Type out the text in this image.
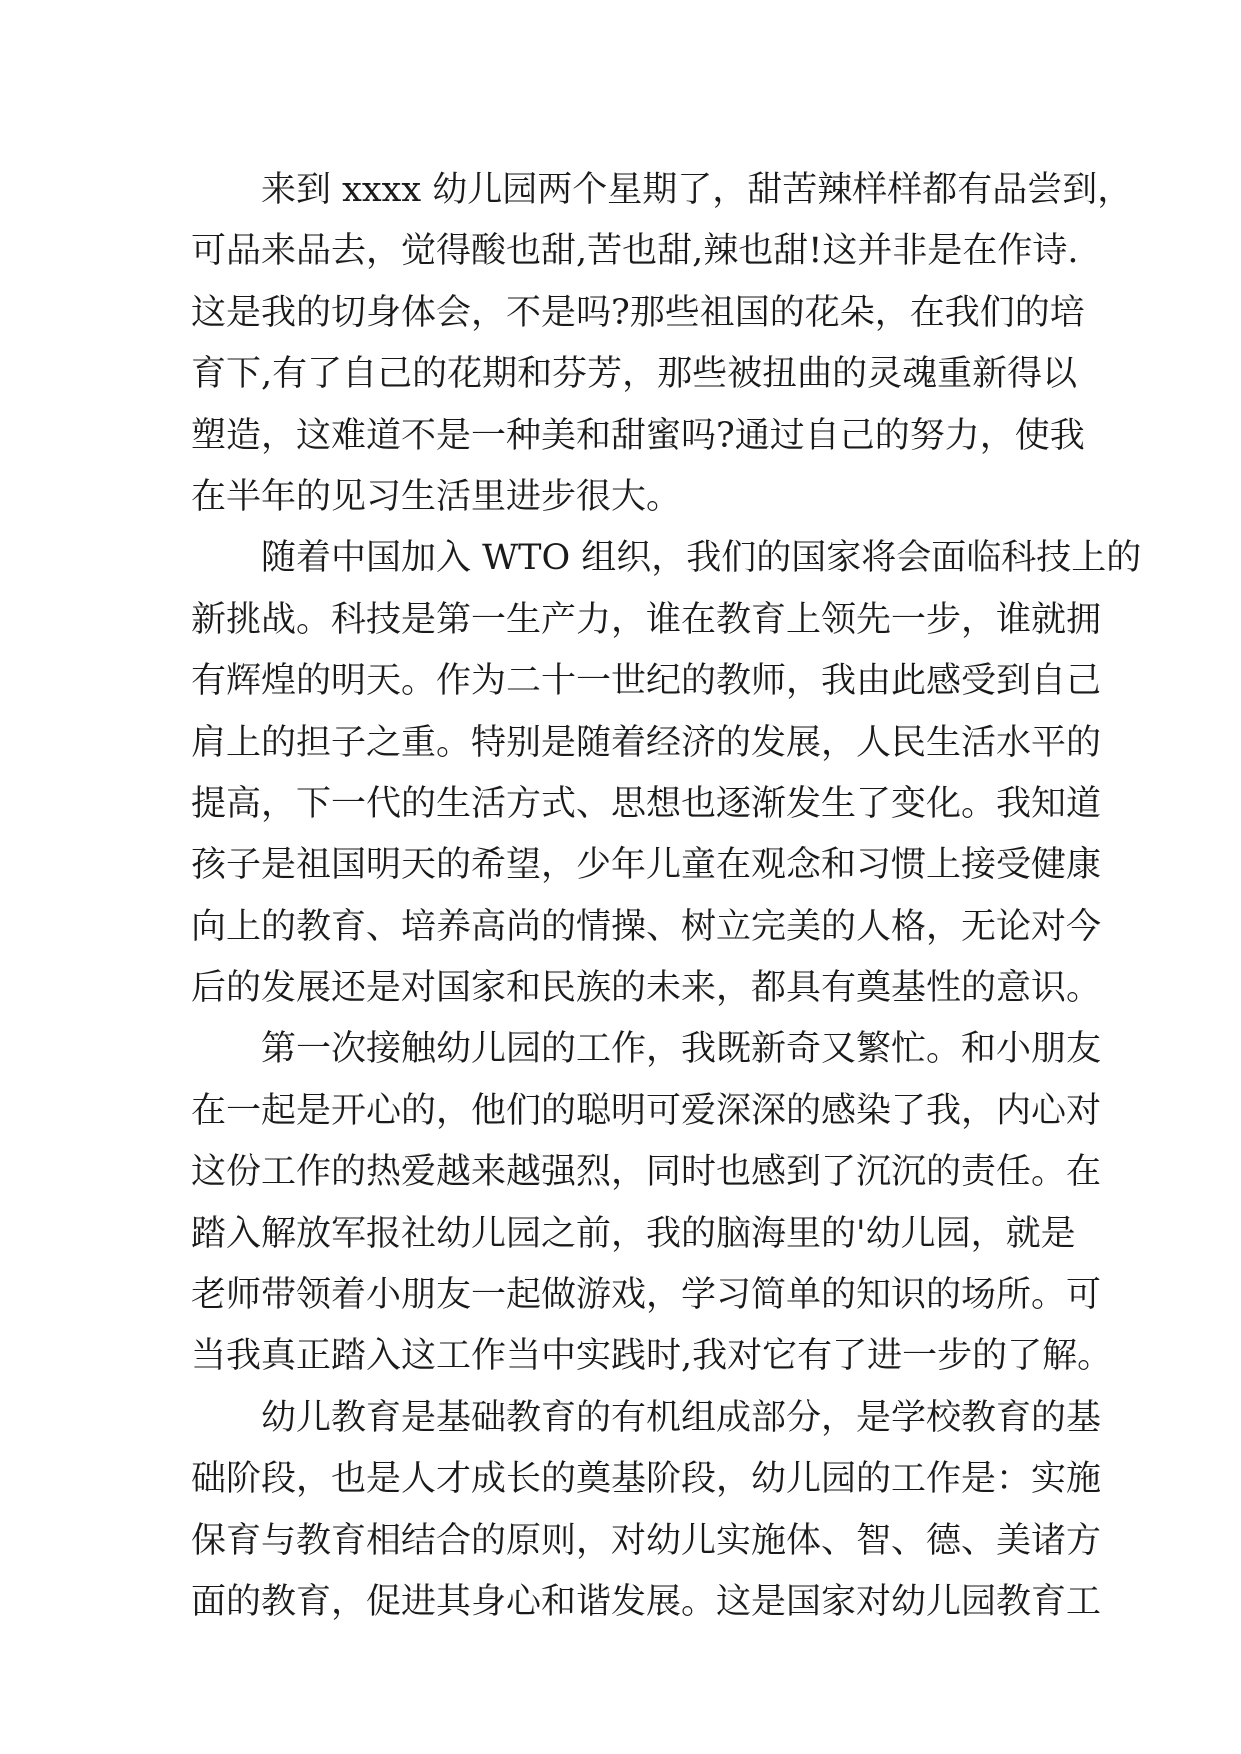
来到 xxxx 幼儿园两个星期了，甜苦辣样样都有品尝到，
可品来品去，觉得酸也甜,苦也甜,辣也甜!这并非是在作诗.
这是我的切身体会，不是吗?那些祖国的花朵，在我们的培
育下,有了自己的花期和芬芳，那些被扭曲的灵魂重新得以
塑造，这难道不是一种美和甜蜜吗?通过自己的努力，使我
在半年的见习生活里进步很大。
随着中国加入 WTO 组织，我们的国家将会面临科技上的
新挑战。科技是第一生产力，谁在教育上领先一步，谁就拥
有辉煌的明天。作为二十一世纪的教师，我由此感受到自己
肩上的担子之重。特别是随着经济的发展，人民生活水平的
提高，下一代的生活方式、思想也逐渐发生了变化。我知道
孩子是祖国明天的希望，少年儿童在观念和习惯上接受健康
向上的教育、培养高尚的情操、树立完美的人格，无论对今
后的发展还是对国家和民族的未来，都具有奠基性的意识。
第一次接触幼儿园的工作，我既新奇又繁忙。和小朋友
在一起是开心的，他们的聪明可爱深深的感染了我，内心对
这份工作的热爱越来越强烈，同时也感到了沉沉的责任。在
踏入解放军报社幼儿园之前，我的脑海里的'幼儿园，就是
老师带领着小朋友一起做游戏，学习简单的知识的场所。可
当我真正踏入这工作当中实践时,我对它有了进一步的了解。
幼儿教育是基础教育的有机组成部分，是学校教育的基
础阶段，也是人才成长的奠基阶段，幼儿园的工作是：实施
保育与教育相结合的原则，对幼儿实施体、智、德、美诸方
面的教育，促进其身心和谐发展。这是国家对幼儿园教育工
